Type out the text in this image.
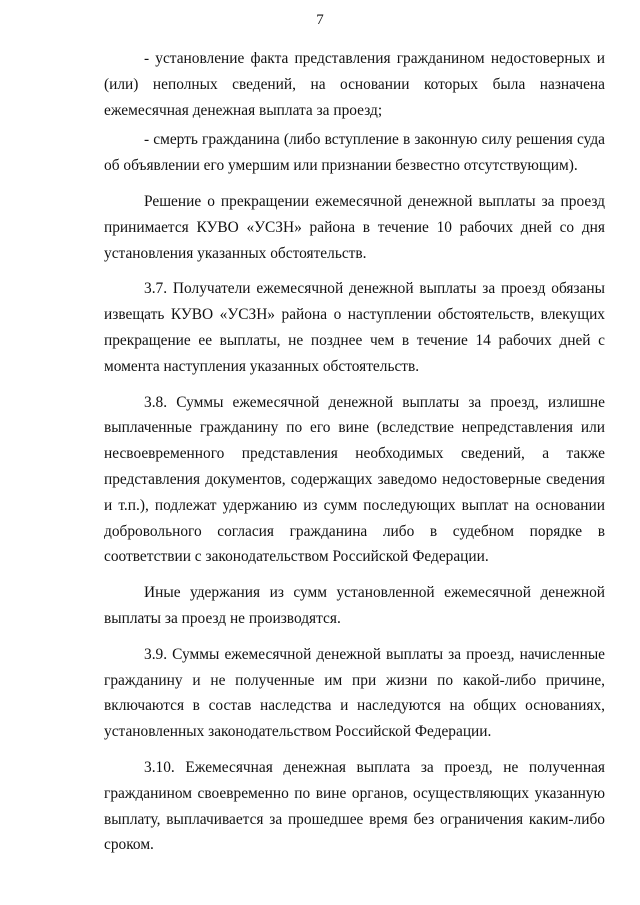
7

- установление факта представления гражданином недостоверных и (или) неполных сведений, на основании которых была назначена ежемесячная денежная выплата за проезд;

- смерть гражданина (либо вступление в законную силу решения суда об объявлении его умершим или признании безвестно отсутствующим).

Решение о прекращении ежемесячной денежной выплаты за проезд принимается КУВО «УСЗН» района в течение 10 рабочих дней со дня установления указанных обстоятельств.

3.7. Получатели ежемесячной денежной выплаты за проезд обязаны извещать КУВО «УСЗН» района о наступлении обстоятельств, влекущих прекращение ее выплаты, не позднее чем в течение 14 рабочих дней с момента наступления указанных обстоятельств.

3.8. Суммы ежемесячной денежной выплаты за проезд, излишне выплаченные гражданину по его вине (вследствие непредставления или несвоевременного представления необходимых сведений, а также представления документов, содержащих заведомо недостоверные сведения и т.п.), подлежат удержанию из сумм последующих выплат на основании добровольного согласия гражданина либо в судебном порядке в соответствии с законодательством Российской Федерации.

Иные удержания из сумм установленной ежемесячной денежной выплаты за проезд не производятся.

3.9. Суммы ежемесячной денежной выплаты за проезд, начисленные гражданину и не полученные им при жизни по какой-либо причине, включаются в состав наследства и наследуются на общих основаниях, установленных законодательством Российской Федерации.

3.10. Ежемесячная денежная выплата за проезд, не полученная гражданином своевременно по вине органов, осуществляющих указанную выплату, выплачивается за прошедшее время без ограничения каким-либо сроком.
